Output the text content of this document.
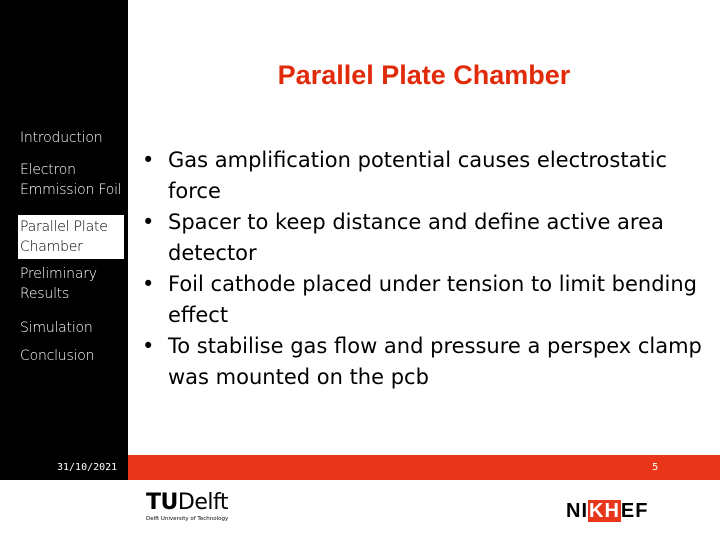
Introduction
Electron Emmission Foil
Parallel Plate Chamber
Preliminary Results
Simulation
Conclusion
Parallel Plate Chamber
• Gas amplification potential causes electrostatic force
• Spacer to keep distance and define active area detector
• Foil cathode placed under tension to limit bending effect
• To stabilise gas flow and pressure a perspex clamp was mounted on the pcb
31/10/2021	5
TUDelft
Delft University of Technology	NIKHEF
